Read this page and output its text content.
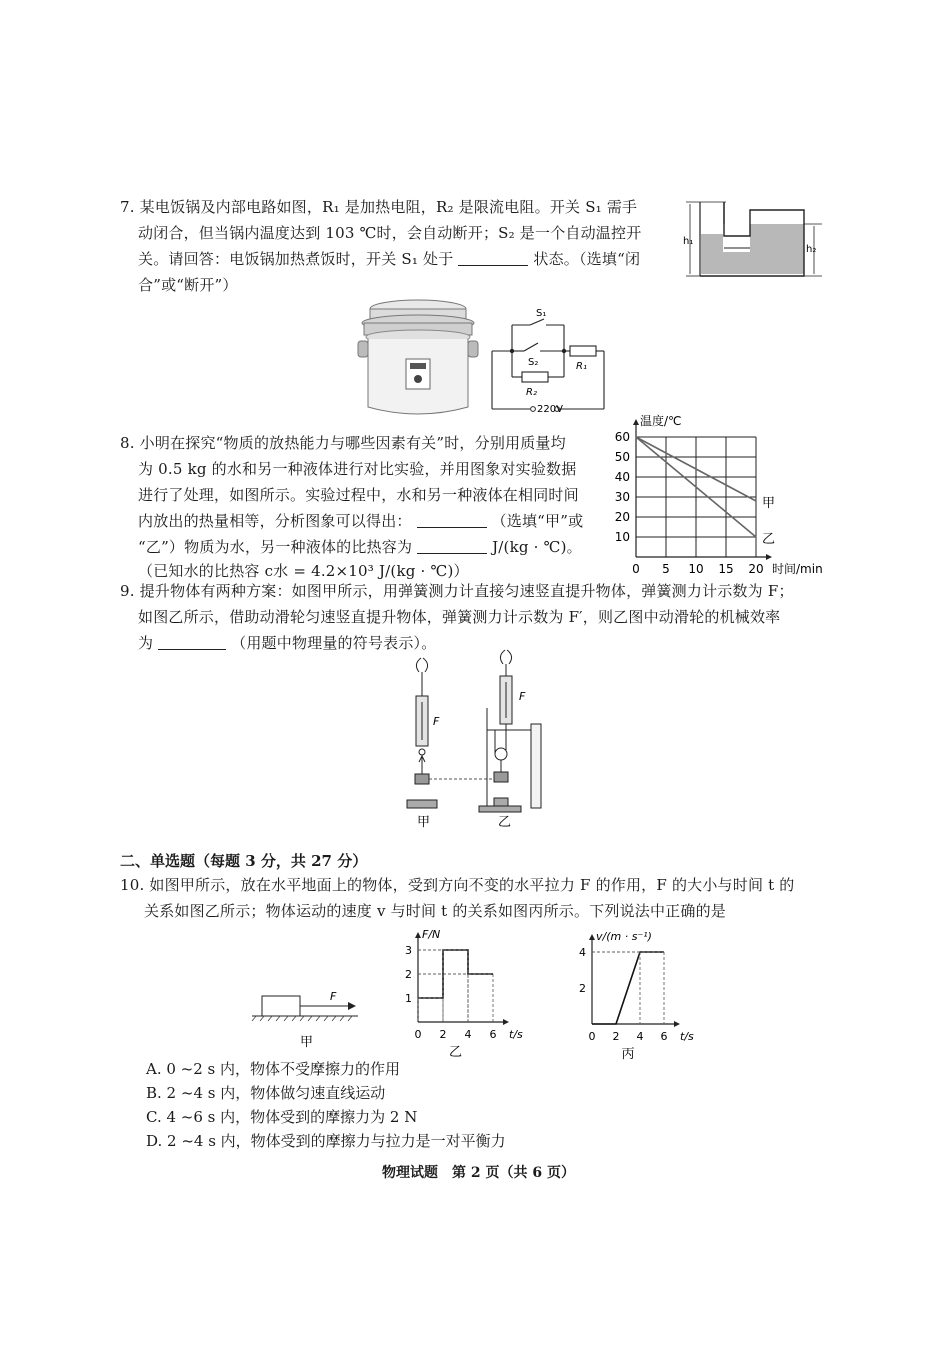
7. 某电饭锅及内部电路如图，R₁ 是加热电阻，R₂ 是限流电阻。开关 S₁ 需手
动闭合，但当锅内温度达到 103 ℃时，会自动断开；S₂ 是一个自动温控开
关。请回答：电饭锅加热煮饭时，开关 S₁ 处于	状态。（选填“闭
合”或“断开”）
h₁
h₂
S₁
S₂	R₁
R₂
220V
8. 小明在探究“物质的放热能力与哪些因素有关”时，分别用质量均
为 0.5 kg 的水和另一种液体进行对比实验，并用图象对实验数据
进行了处理，如图所示。实验过程中，水和另一种液体在相同时间
内放出的热量相等，分析图象可以得出：	（选填“甲”或
“乙”）物质为水，另一种液体的比热容为	J/(kg · ℃)。
（已知水的比热容 c水 = 4.2×10³ J/(kg · ℃)）
10
20
30
40
50
60
0 5 10 15 20
温度/℃
时间/min
甲
乙
9. 提升物体有两种方案：如图甲所示，用弹簧测力计直接匀速竖直提升物体，弹簧测力计示数为 F；
如图乙所示，借助动滑轮匀速竖直提升物体，弹簧测力计示数为 F′，则乙图中动滑轮的机械效率
为	（用题中物理量的符号表示）。
F
F
甲	乙
二、单选题（每题 3 分，共 27 分）
10. 如图甲所示，放在水平地面上的物体，受到方向不变的水平拉力 F 的作用，F 的大小与时间 t 的
关系如图乙所示；物体运动的速度 v 与时间 t 的关系如图丙所示。下列说法中正确的是
F
甲
1
2
3
0 2 4 6
F/N
t/s
乙
2
4
0 2 4 6
v/(m · s⁻¹)
t/s
丙
A. 0 ~2 s 内，物体不受摩擦力的作用
B. 2 ~4 s 内，物体做匀速直线运动
C. 4 ~6 s 内，物体受到的摩擦力为 2 N
D. 2 ~4 s 内，物体受到的摩擦力与拉力是一对平衡力
物理试题　第 2 页（共 6 页）
